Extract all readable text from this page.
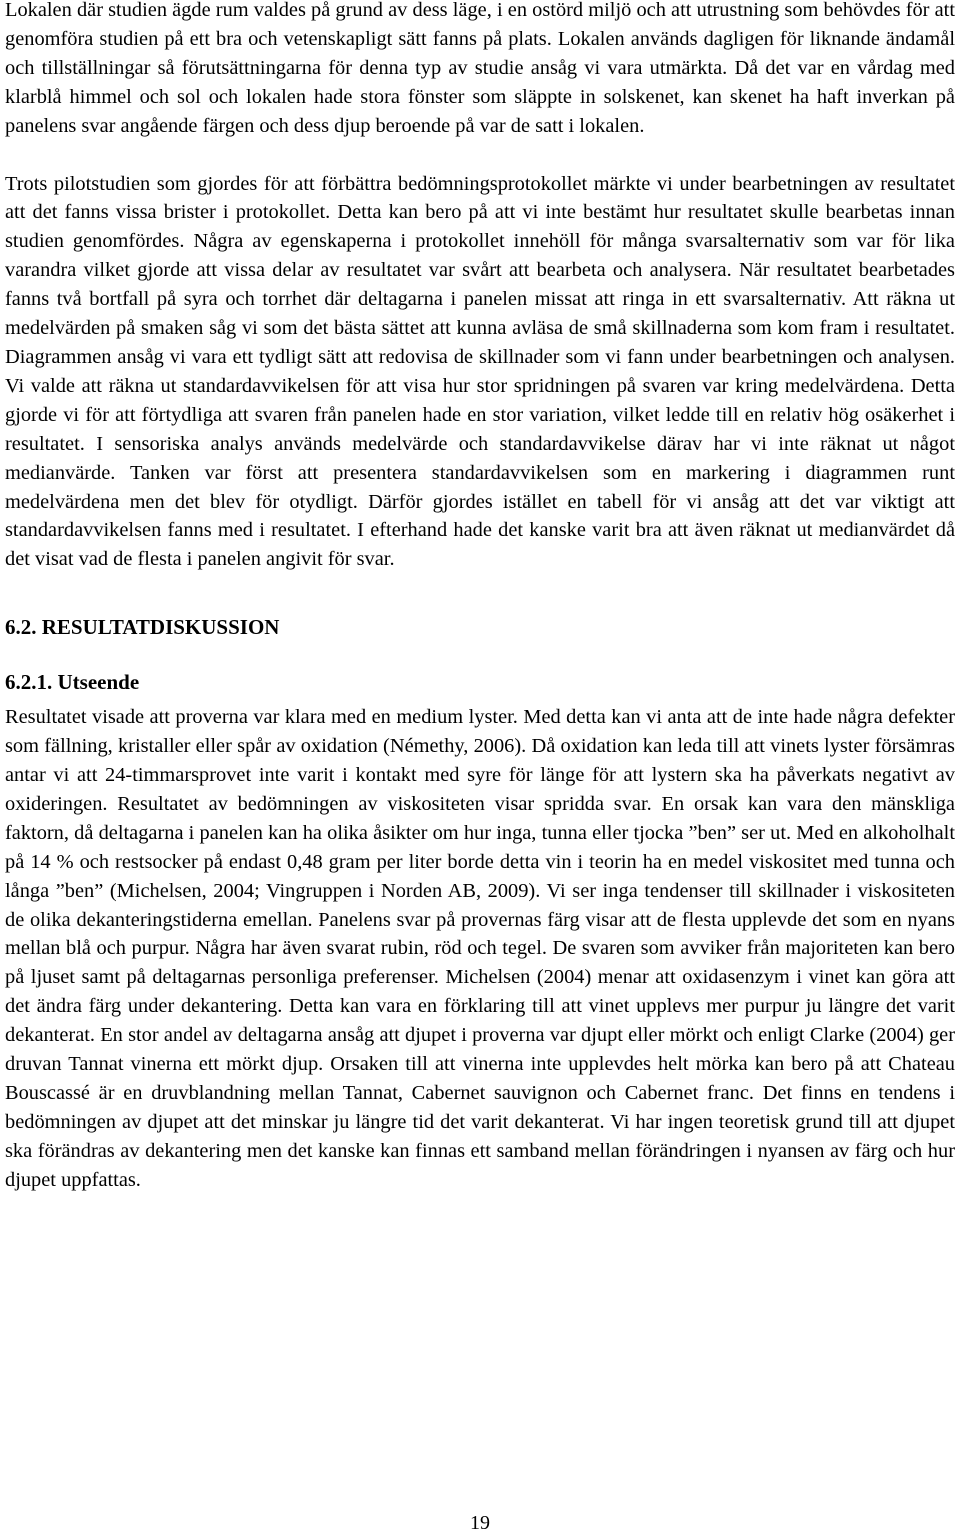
Lokalen där studien ägde rum valdes på grund av dess läge, i en ostörd miljö och att utrustning som behövdes för att genomföra studien på ett bra och vetenskapligt sätt fanns på plats. Lokalen används dagligen för liknande ändamål och tillställningar så förutsättningarna för denna typ av studie ansåg vi vara utmärkta. Då det var en vårdag med klarblå himmel och sol och lokalen hade stora fönster som släppte in solskenet, kan skenet ha haft inverkan på panelens svar angående färgen och dess djup beroende på var de satt i lokalen.

Trots pilotstudien som gjordes för att förbättra bedömningsprotokollet märkte vi under bearbetningen av resultatet att det fanns vissa brister i protokollet. Detta kan bero på att vi inte bestämt hur resultatet skulle bearbetas innan studien genomfördes. Några av egenskaperna i protokollet innehöll för många svarsalternativ som var för lika varandra vilket gjorde att vissa delar av resultatet var svårt att bearbeta och analysera. När resultatet bearbetades fanns två bortfall på syra och torrhet där deltagarna i panelen missat att ringa in ett svarsalternativ. Att räkna ut medelvärden på smaken såg vi som det bästa sättet att kunna avläsa de små skillnaderna som kom fram i resultatet. Diagrammen ansåg vi vara ett tydligt sätt att redovisa de skillnader som vi fann under bearbetningen och analysen. Vi valde att räkna ut standardavvikelsen för att visa hur stor spridningen på svaren var kring medelvärdena. Detta gjorde vi för att förtydliga att svaren från panelen hade en stor variation, vilket ledde till en relativ hög osäkerhet i resultatet. I sensoriska analys används medelvärde och standardavvikelse därav har vi inte räknat ut något medianvärde. Tanken var först att presentera standardavvikelsen som en markering i diagrammen runt medelvärdena men det blev för otydligt. Därför gjordes istället en tabell för vi ansåg att det var viktigt att standardavvikelsen fanns med i resultatet. I efterhand hade det kanske varit bra att även räknat ut medianvärdet då det visat vad de flesta i panelen angivit för svar.

6.2. RESULTATDISKUSSION
6.2.1. Utseende

Resultatet visade att proverna var klara med en medium lyster. Med detta kan vi anta att de inte hade några defekter som fällning, kristaller eller spår av oxidation (Némethy, 2006). Då oxidation kan leda till att vinets lyster försämras antar vi att 24-timmarsprovet inte varit i kontakt med syre för länge för att lystern ska ha påverkats negativt av oxideringen. Resultatet av bedömningen av viskositeten visar spridda svar. En orsak kan vara den mänskliga faktorn, då deltagarna i panelen kan ha olika åsikter om hur inga, tunna eller tjocka ”ben” ser ut. Med en alkoholhalt på 14 % och restsocker på endast 0,48 gram per liter borde detta vin i teorin ha en medel viskositet med tunna och långa ”ben” (Michelsen, 2004; Vingruppen i Norden AB, 2009). Vi ser inga tendenser till skillnader i viskositeten de olika dekanteringstiderna emellan. Panelens svar på provernas färg visar att de flesta upplevde det som en nyans mellan blå och purpur. Några har även svarat rubin, röd och tegel. De svaren som avviker från majoriteten kan bero på ljuset samt på deltagarnas personliga preferenser. Michelsen (2004) menar att oxidasenzym i vinet kan göra att det ändra färg under dekantering. Detta kan vara en förklaring till att vinet upplevs mer purpur ju längre det varit dekanterat. En stor andel av deltagarna ansåg att djupet i proverna var djupt eller mörkt och enligt Clarke (2004) ger druvan Tannat vinerna ett mörkt djup. Orsaken till att vinerna inte upplevdes helt mörka kan bero på att Chateau Bouscassé är en druvblandning mellan Tannat, Cabernet sauvignon och Cabernet franc. Det finns en tendens i bedömningen av djupet att det minskar ju längre tid det varit dekanterat. Vi har ingen teoretisk grund till att djupet ska förändras av dekantering men det kanske kan finnas ett samband mellan förändringen i nyansen av färg och hur djupet uppfattas.

19
